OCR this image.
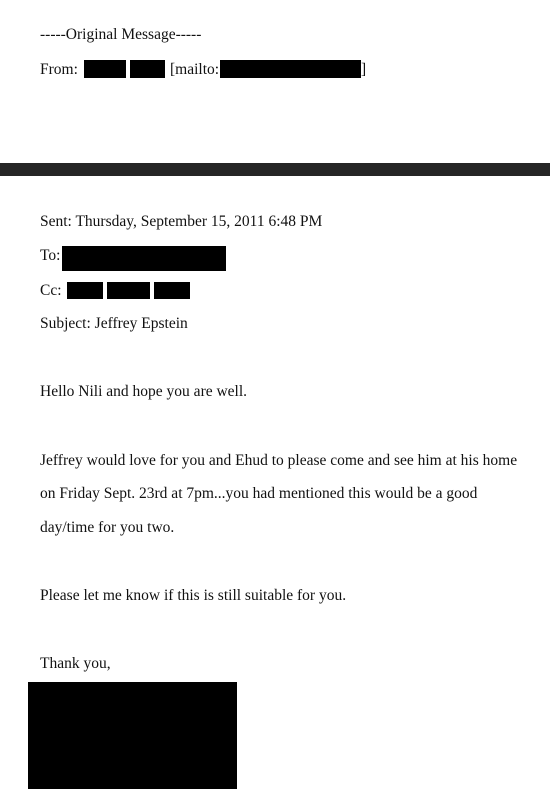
-----Original Message-----
From:	[mailto:	]
Sent: Thursday, September 15, 2011 6:48 PM
To:
Cc:
Subject: Jeffrey Epstein
Hello Nili and hope you are well.
Jeffrey would love for you and Ehud to please come and see him at his home
on Friday Sept. 23rd at 7pm...you had mentioned this would be a good
day/time for you two.
Please let me know if this is still suitable for you.
Thank you,
